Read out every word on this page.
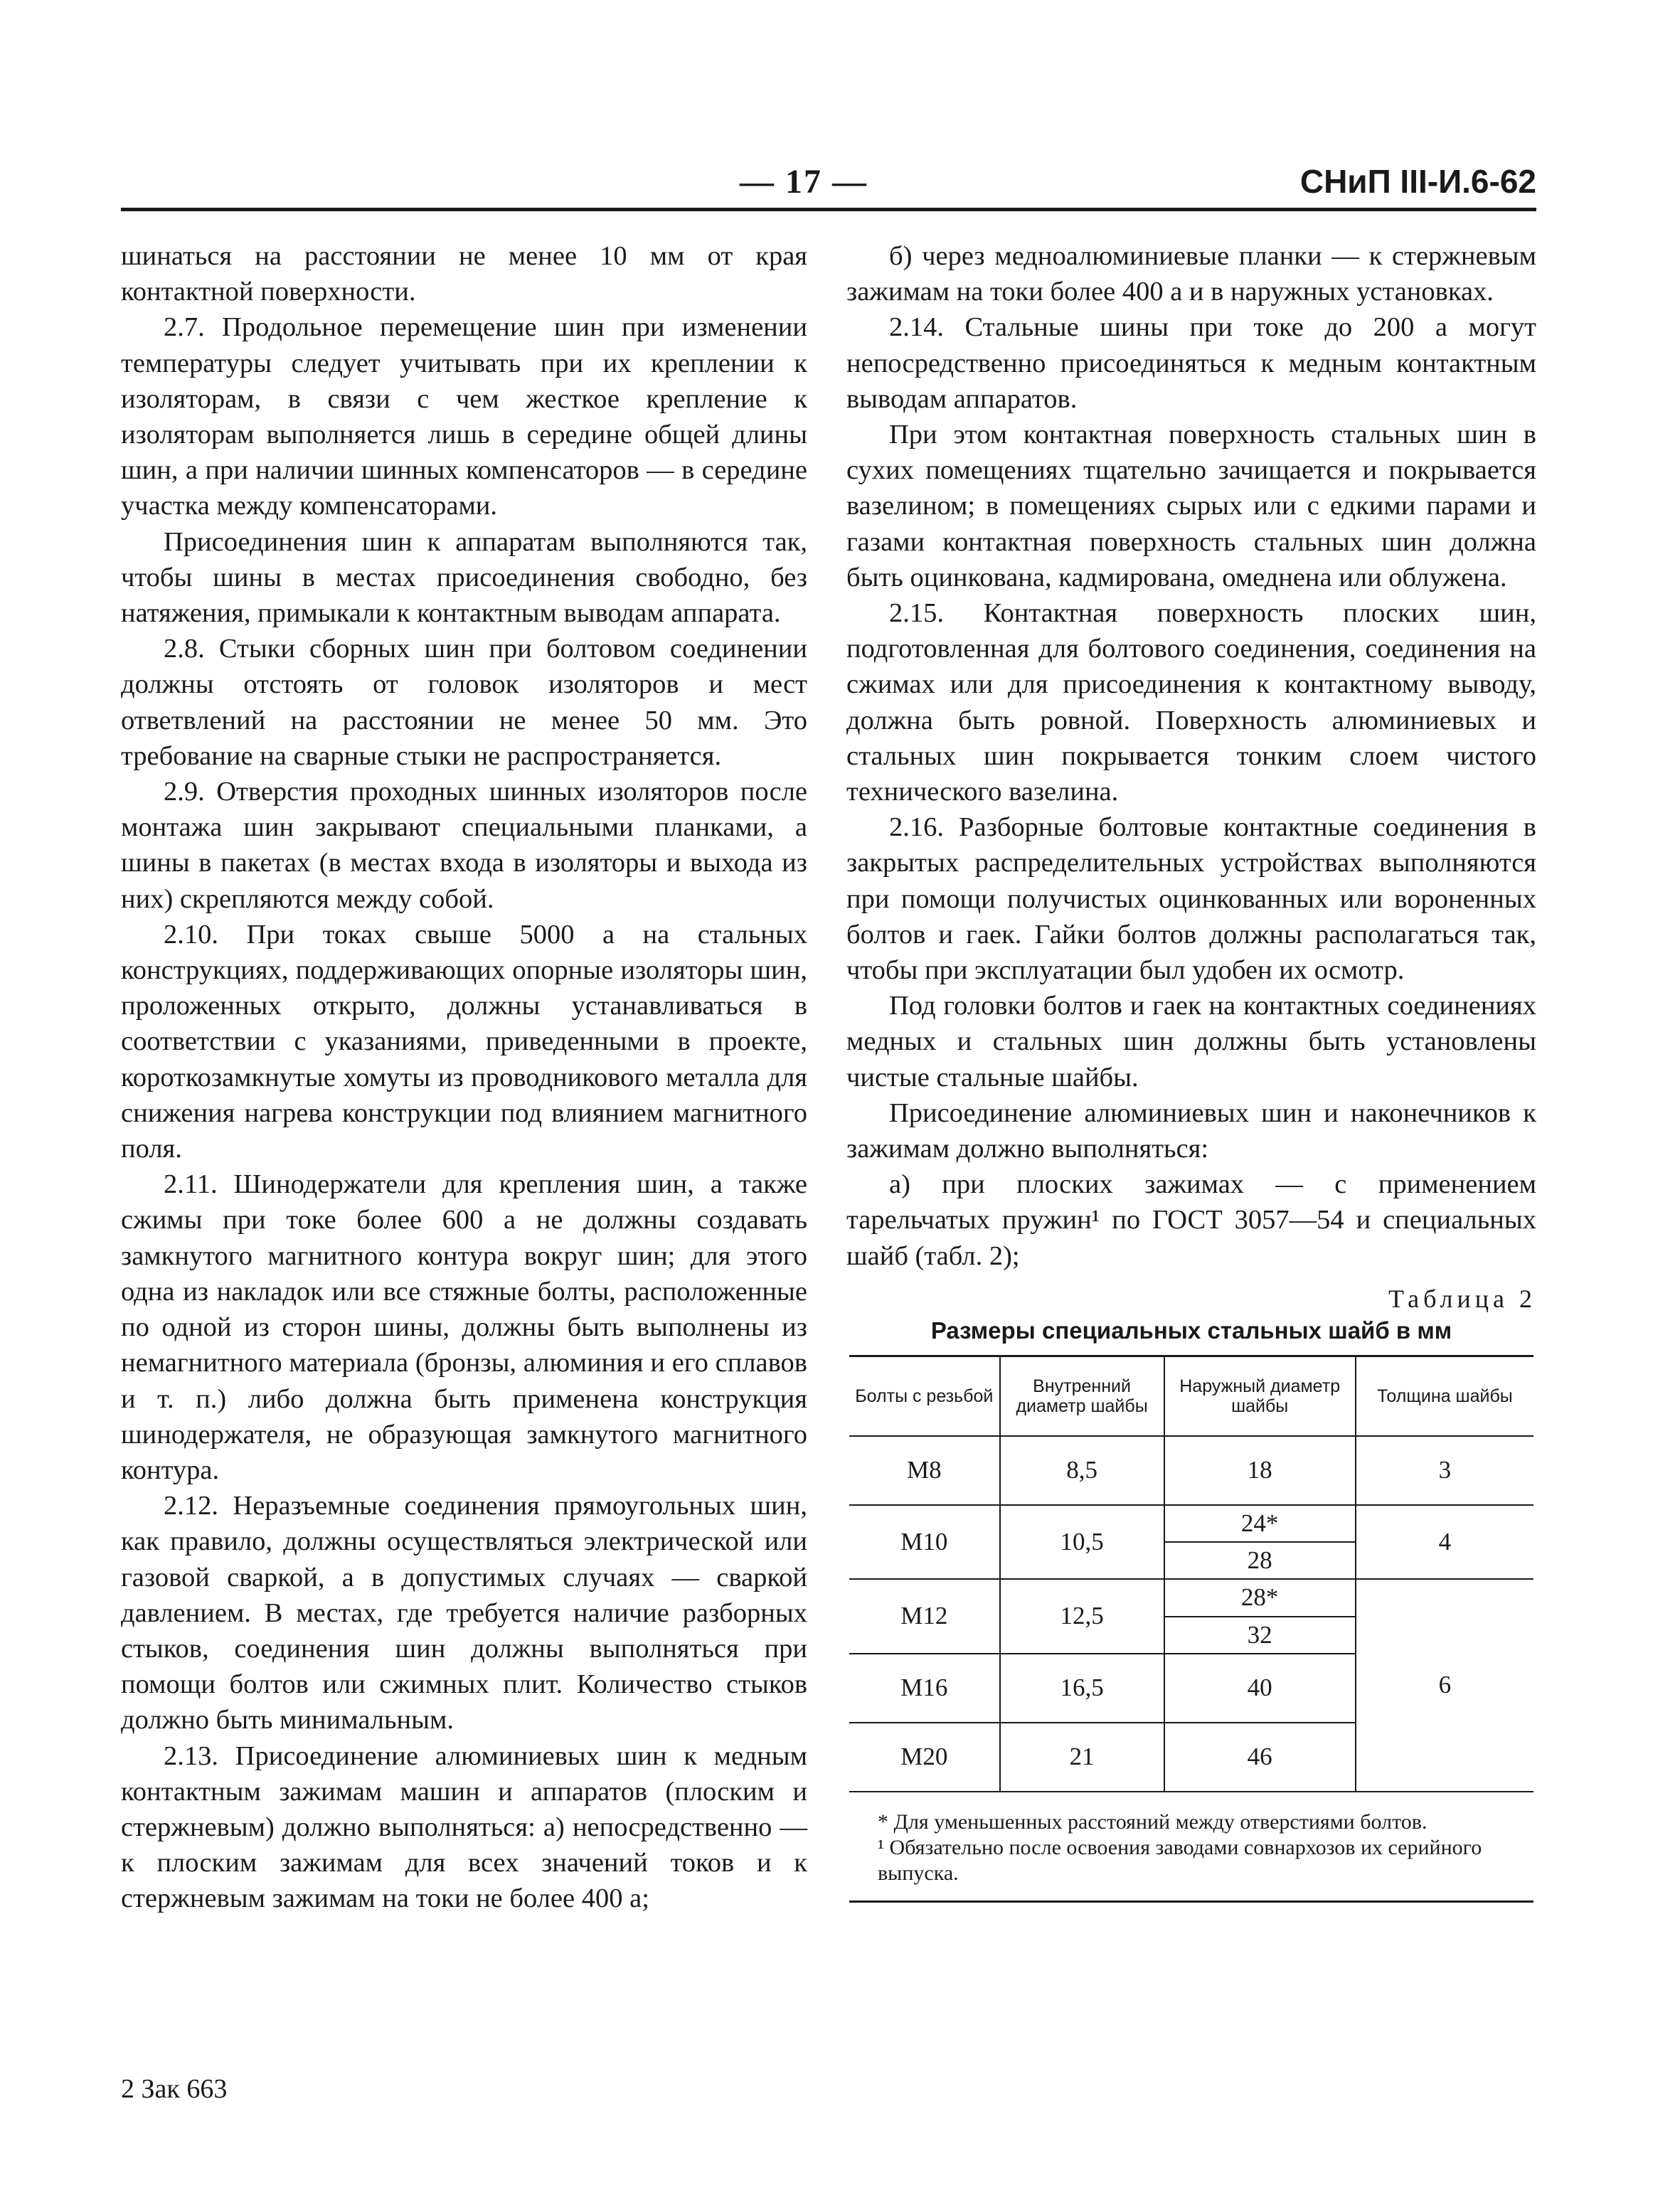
— 17 —	СНиП III-И.6-62

шинаться на расстоянии не менее 10 мм от края контактной поверхности.

2.7. Продольное перемещение шин при изменении температуры следует учитывать при их креплении к изоляторам, в связи с чем жесткое крепление к изоляторам выполняется лишь в середине общей длины шин, а при наличии шинных компенсаторов — в середине участка между компенсаторами.

Присоединения шин к аппаратам выполняются так, чтобы шины в местах присоединения свободно, без натяжения, примыкали к контактным выводам аппарата.

2.8. Стыки сборных шин при болтовом соединении должны отстоять от головок изоляторов и мест ответвлений на расстоянии не менее 50 мм. Это требование на сварные стыки не распространяется.

2.9. Отверстия проходных шинных изоляторов после монтажа шин закрывают специальными планками, а шины в пакетах (в местах входа в изоляторы и выхода из них) скрепляются между собой.

2.10. При токах свыше 5000 а на стальных конструкциях, поддерживающих опорные изоляторы шин, проложенных открыто, должны устанавливаться в соответствии с указаниями, приведенными в проекте, короткозамкнутые хомуты из проводникового металла для снижения нагрева конструкции под влиянием магнитного поля.

2.11. Шинодержатели для крепления шин, а также сжимы при токе более 600 а не должны создавать замкнутого магнитного контура вокруг шин; для этого одна из накладок или все стяжные болты, расположенные по одной из сторон шины, должны быть выполнены из немагнитного материала (бронзы, алюминия и его сплавов и т. п.) либо должна быть применена конструкция шинодержателя, не образующая замкнутого магнитного контура.

2.12. Неразъемные соединения прямоугольных шин, как правило, должны осуществляться электрической или газовой сваркой, а в допустимых случаях — сваркой давлением. В местах, где требуется наличие разборных стыков, соединения шин должны выполняться при помощи болтов или сжимных плит. Количество стыков должно быть минимальным.

2.13. Присоединение алюминиевых шин к медным контактным зажимам машин и аппаратов (плоским и стержневым) должно выполняться: а) непосредственно — к плоским зажимам для всех значений токов и к стержневым зажимам на токи не более 400 а;

б) через медноалюминиевые планки — к стержневым зажимам на токи более 400 а и в наружных установках.

2.14. Стальные шины при токе до 200 а могут непосредственно присоединяться к медным контактным выводам аппаратов.

При этом контактная поверхность стальных шин в сухих помещениях тщательно зачищается и покрывается вазелином; в помещениях сырых или с едкими парами и газами контактная поверхность стальных шин должна быть оцинкована, кадмирована, омеднена или облужена.

2.15. Контактная поверхность плоских шин, подготовленная для болтового соединения, соединения на сжимах или для присоединения к контактному выводу, должна быть ровной. Поверхность алюминиевых и стальных шин покрывается тонким слоем чистого технического вазелина.

2.16. Разборные болтовые контактные соединения в закрытых распределительных устройствах выполняются при помощи получистых оцинкованных или вороненных болтов и гаек. Гайки болтов должны располагаться так, чтобы при эксплуатации был удобен их осмотр.

Под головки болтов и гаек на контактных соединениях медных и стальных шин должны быть установлены чистые стальные шайбы.

Присоединение алюминиевых шин и наконечников к зажимам должно выполняться:

а) при плоских зажимах — с применением тарельчатых пружин¹ по ГОСТ 3057—54 и специальных шайб (табл. 2);

Таблица 2
Размеры специальных стальных шайб в мм
Болты с резьбой	Внутренний диаметр шайбы	Наружный диаметр шайбы	Толщина шайбы
М8	8,5	18	3
М10	10,5	24*	4
		28	
М12	12,5	28*	6
		32	
М16	16,5	40	
М20	21	46	

* Для уменьшенных расстояний между отверстиями болтов.

¹ Обязательно после освоения заводами совнархозов их серийного выпуска.			

2 Зак 663
